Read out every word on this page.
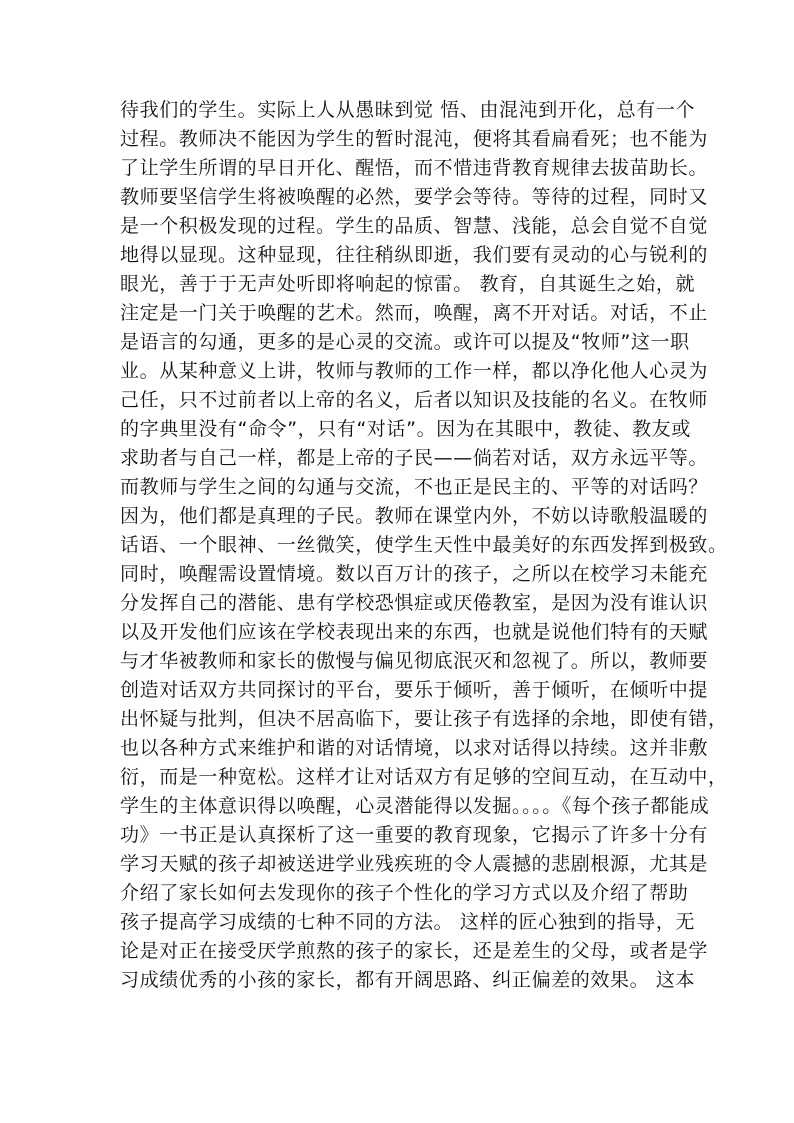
待我们的学生。实际上人从愚昧到觉 悟、由混沌到开化，总有一个
过程。教师决不能因为学生的暂时混沌，便将其看扁看死；也不能为
了让学生所谓的早日开化、醒悟，而不惜违背教育规律去拔苗助长。
教师要坚信学生将被唤醒的必然，要学会等待。等待的过程，同时又
是一个积极发现的过程。学生的品质、智慧、浅能，总会自觉不自觉
地得以显现。这种显现，往往稍纵即逝，我们要有灵动的心与锐利的
眼光，善于于无声处听即将响起的惊雷。 教育，自其诞生之始，就
注定是一门关于唤醒的艺术。然而，唤醒，离不开对话。对话，不止
是语言的勾通，更多的是心灵的交流。或许可以提及“牧师”这一职
业。从某种意义上讲，牧师与教师的工作一样，都以净化他人心灵为
己任，只不过前者以上帝的名义，后者以知识及技能的名义。在牧师
的字典里没有“命令”，只有“对话”。因为在其眼中，教徒、教友或
求助者与自己一样，都是上帝的子民——倘若对话，双方永远平等。
而教师与学生之间的勾通与交流，不也正是民主的、平等的对话吗？
因为，他们都是真理的子民。教师在课堂内外，不妨以诗歌般温暖的
话语、一个眼神、一丝微笑，使学生天性中最美好的东西发挥到极致。
同时，唤醒需设置情境。数以百万计的孩子，之所以在校学习未能充
分发挥自己的潜能、患有学校恐惧症或厌倦教室，是因为没有谁认识
以及开发他们应该在学校表现出来的东西，也就是说他们特有的天赋
与才华被教师和家长的傲慢与偏见彻底泯灭和忽视了。所以，教师要
创造对话双方共同探讨的平台，要乐于倾听，善于倾听，在倾听中提
出怀疑与批判，但决不居高临下，要让孩子有选择的余地，即使有错，
也以各种方式来维护和谐的对话情境，以求对话得以持续。这并非敷
衍，而是一种宽松。这样才让对话双方有足够的空间互动，在互动中，
学生的主体意识得以唤醒，心灵潜能得以发掘。。。。《每个孩子都能成
功》一书正是认真探析了这一重要的教育现象，它揭示了许多十分有
学习天赋的孩子却被送进学业残疾班的令人震撼的悲剧根源，尤其是
介绍了家长如何去发现你的孩子个性化的学习方式以及介绍了帮助
孩子提高学习成绩的七种不同的方法。 这样的匠心独到的指导，无
论是对正在接受厌学煎熬的孩子的家长，还是差生的父母，或者是学
习成绩优秀的小孩的家长，都有开阔思路、纠正偏差的效果。 这本
